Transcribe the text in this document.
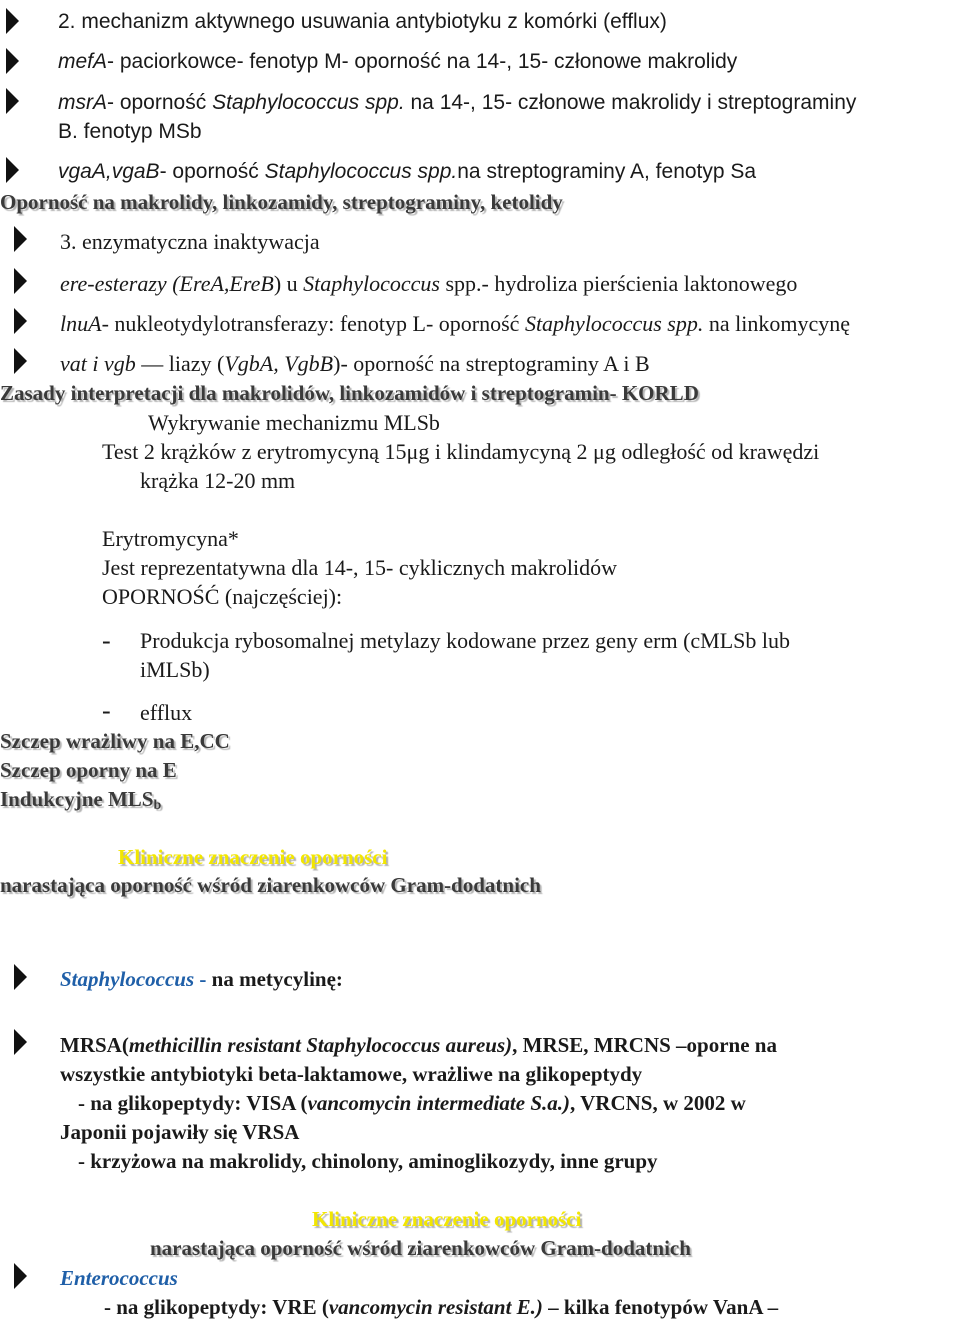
2. mechanizm aktywnego usuwania antybiotyku z komórki (efflux)
mefA- paciorkowce- fenotyp M- oporność na 14-, 15- członowe makrolidy
msrA- oporność Staphylococcus spp. na 14-, 15- członowe makrolidy i streptograminy
B. fenotyp MSb
vgaA,vgaB- oporność Staphylococcus spp.na streptograminy A, fenotyp Sa
Oporność na makrolidy, linkozamidy, streptograminy, ketolidy
3. enzymatyczna inaktywacja
ere-esterazy (EreA,EreB) u Staphylococcus spp.- hydroliza pierścienia laktonowego
lnuA- nukleotydylotransferazy: fenotyp L- oporność Staphylococcus spp. na linkomycynę
vat i vgb — liazy (VgbA, VgbB)- oporność na streptograminy A i B
Zasady interpretacji dla makrolidów, linkozamidów i streptogramin- KORLD
Wykrywanie mechanizmu MLSb
Test 2 krążków z erytromycyną 15μg i klindamycyną 2 μg odległość od krawędzi
krążka 12-20 mm
Erytromycyna*
Jest reprezentatywna dla 14-, 15- cyklicznych makrolidów
OPORNOŚĆ (najczęściej):
- Produkcja rybosomalnej metylazy kodowane przez geny erm (cMLSb lub
iMLSb)
- efflux
Szczep wrażliwy na E,CC
Szczep oporny na E
Indukcyjne $MLS_b$
Kliniczne znaczenie oporności
narastająca oporność wśród ziarenkowców Gram-dodatnich
Staphylococcus - na metycylinę:
MRSA(methicillin resistant Staphylococcus aureus), MRSE, MRCNS –oporne na
wszystkie antybiotyki beta-laktamowe, wrażliwe na glikopeptydy
- na glikopeptydy: VISA (vancomycin intermediate S.a.), VRCNS, w 2002 w
Japonii pojawiły się VRSA
- krzyżowa na makrolidy, chinolony, aminoglikozydy, inne grupy
Kliniczne znaczenie oporności
narastająca oporność wśród ziarenkowców Gram-dodatnich
Enterococcus
- na glikopeptydy: VRE (vancomycin resistant E.) – kilka fenotypów VanA –
